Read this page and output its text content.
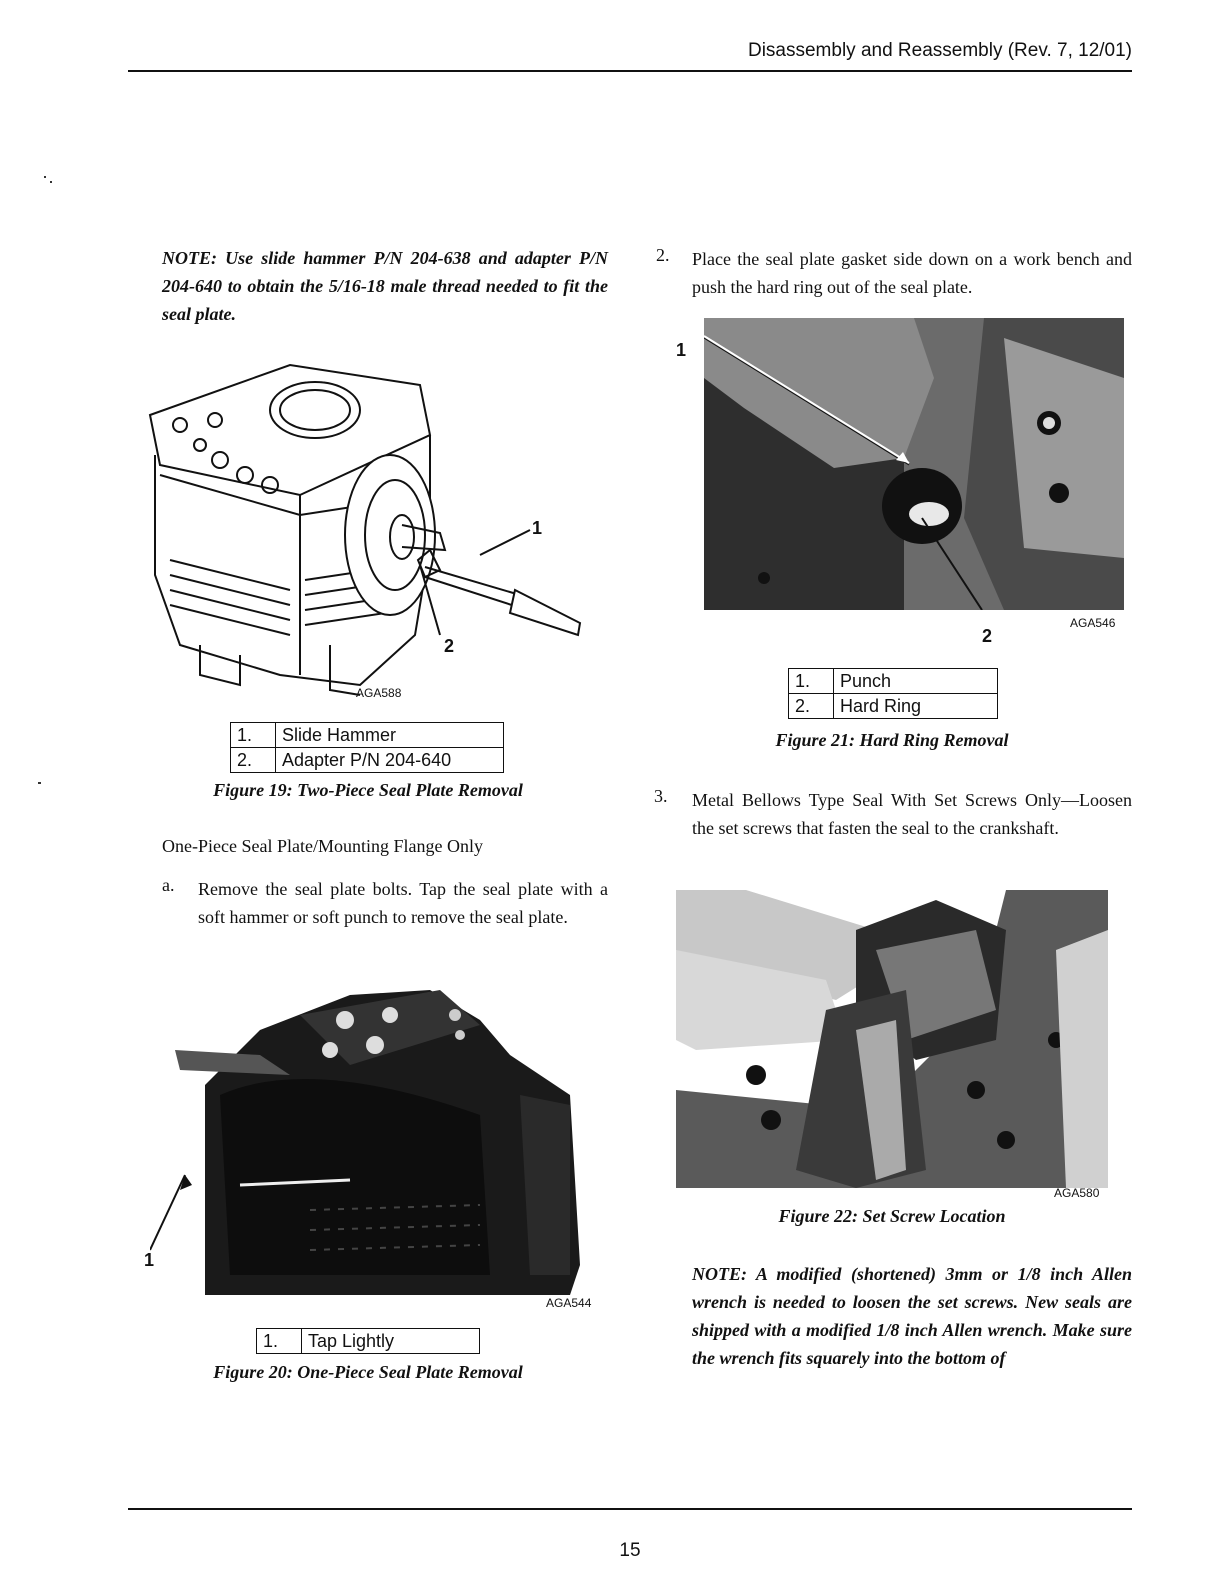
Disassembly and Reassembly (Rev. 7, 12/01)
NOTE: Use slide hammer P/N 204-638 and adapter P/N 204-640 to obtain the 5/16-18 male thread needed to fit the seal plate.
1
2
AGA588
1.	Slide Hammer
2.	Adapter P/N 204-640
Figure 19: Two-Piece Seal Plate Removal
One-Piece Seal Plate/Mounting Flange Only
a. Remove the seal plate bolts. Tap the seal plate with a soft hammer or soft punch to remove the seal plate.
1
AGA544
1.	Tap Lightly
Figure 20: One-Piece Seal Plate Removal
2. Place the seal plate gasket side down on a work bench and push the hard ring out of the seal plate.
1
2
AGA546
1.	Punch
2.	Hard Ring
Figure 21: Hard Ring Removal
3. Metal Bellows Type Seal With Set Screws Only—Loosen the set screws that fasten the seal to the crankshaft.
AGA580
Figure 22: Set Screw Location
NOTE: A modified (shortened) 3mm or 1/8 inch Allen wrench is needed to loosen the set screws. New seals are shipped with a modified 1/8 inch Allen wrench. Make sure the wrench fits squarely into the bottom of
15
